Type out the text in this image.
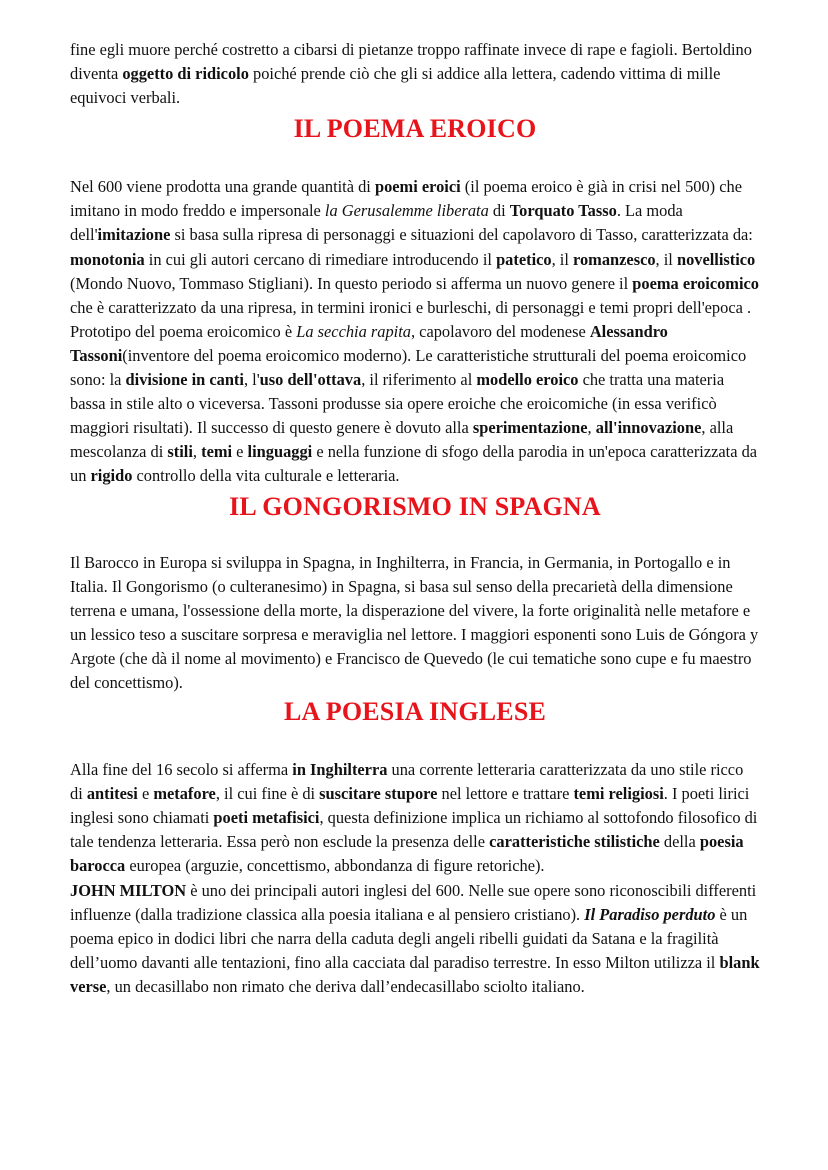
fine egli muore perché costretto a cibarsi di pietanze troppo raffinate invece di rape e fagioli. Bertoldino diventa oggetto di ridicolo poiché prende ciò che gli si addice alla lettera, cadendo vittima di mille equivoci verbali.

IL POEMA EROICO

Nel 600 viene prodotta una grande quantità di poemi eroici (il poema eroico è già in crisi nel 500) che imitano in modo freddo e impersonale la Gerusalemme liberata di Torquato Tasso. La moda dell'imitazione si basa sulla ripresa di personaggi e situazioni del capolavoro di Tasso, caratterizzata da: monotonia in cui gli autori cercano di rimediare introducendo il patetico, il romanzesco, il novellistico (Mondo Nuovo, Tommaso Stigliani). In questo periodo si afferma un nuovo genere il poema eroicomico che è caratterizzato da una ripresa, in termini ironici e burleschi, di personaggi e temi propri dell'epoca . Prototipo del poema eroicomico è La secchia rapita, capolavoro del modenese Alessandro Tassoni(inventore del poema eroicomico moderno). Le caratteristiche strutturali del poema eroicomico sono: la divisione in canti, l'uso dell'ottava, il riferimento al modello eroico che tratta una materia bassa in stile alto o viceversa. Tassoni produsse sia opere eroiche che eroicomiche (in essa verificò maggiori risultati). Il successo di questo genere è dovuto alla sperimentazione, all'innovazione, alla mescolanza di stili, temi e linguaggi e nella funzione di sfogo della parodia in un'epoca caratterizzata da un rigido controllo della vita culturale e letteraria.

IL GONGORISMO IN SPAGNA

Il Barocco in Europa si sviluppa in Spagna, in Inghilterra, in Francia, in Germania, in Portogallo e in Italia. Il Gongorismo (o culteranesimo) in Spagna, si basa sul senso della precarietà della dimensione terrena e umana, l'ossessione della morte, la disperazione del vivere, la forte originalità nelle metafore e un lessico teso a suscitare sorpresa e meraviglia nel lettore. I maggiori esponenti sono Luis de Góngora y Argote (che dà il nome al movimento) e Francisco de Quevedo (le cui tematiche sono cupe e fu maestro del concettismo).

LA POESIA INGLESE

Alla fine del 16 secolo si afferma in Inghilterra una corrente letteraria caratterizzata da uno stile ricco di antitesi e metafore, il cui fine è di suscitare stupore nel lettore e trattare temi religiosi. I poeti lirici inglesi sono chiamati poeti metafisici, questa definizione implica un richiamo al sottofondo filosofico di tale tendenza letteraria. Essa però non esclude la presenza delle caratteristiche stilistiche della poesia barocca europea (arguzie, concettismo, abbondanza di figure retoriche).

JOHN MILTON è uno dei principali autori inglesi del 600. Nelle sue opere sono riconoscibili differenti influenze (dalla tradizione classica alla poesia italiana e al pensiero cristiano). Il Paradiso perduto è un poema epico in dodici libri che narra della caduta degli angeli ribelli guidati da Satana e la fragilità dell’uomo davanti alle tentazioni, fino alla cacciata dal paradiso terrestre. In esso Milton utilizza il blank verse, un decasillabo non rimato che deriva dall’endecasillabo sciolto italiano.
